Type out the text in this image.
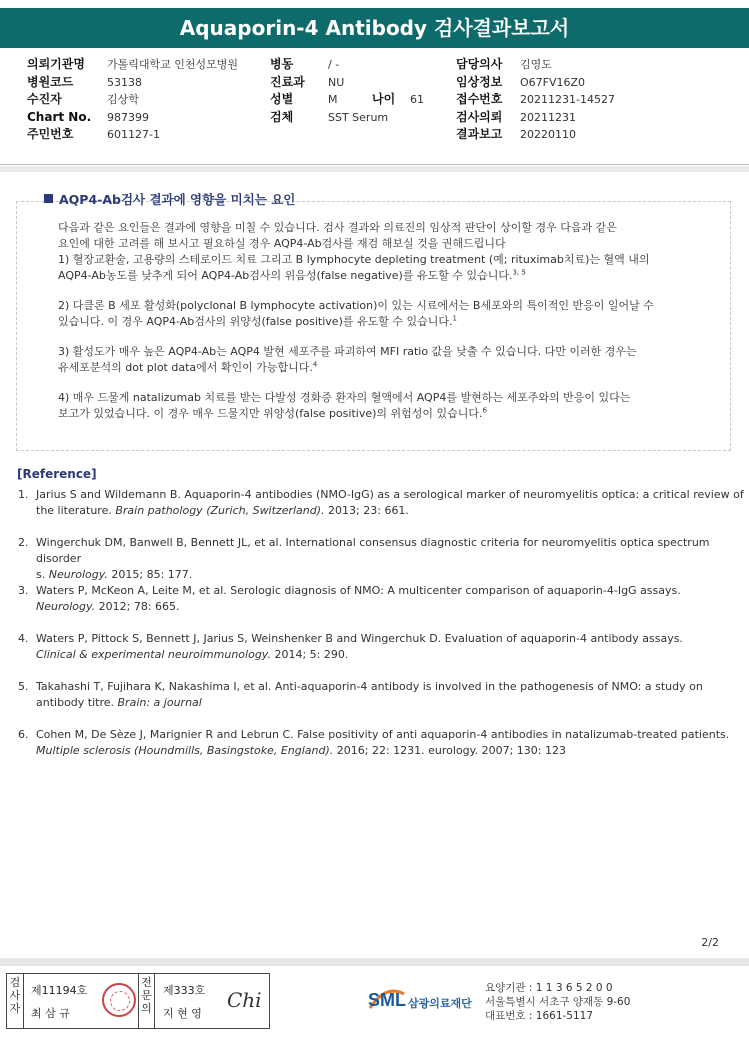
Aquaporin-4 Antibody 검사결과보고서
의뢰기관명 가톨릭대학교 인천성모병원
병원코드	53138
수진자	김상학
Chart No. 987399
주민번호	601127-1
병동	/ -
진료과 NU
성별	M	나이 61
검체	SST Serum
담당의사 김영도
임상정보 O67FV16Z0
접수번호 20211231-14527
검사의뢰 20211231
결과보고 20220110
AQP4-Ab검사 결과에 영향을 미치는 요인

다음과 같은 요인들은 결과에 영향을 미칠 수 있습니다. 검사 결과와 의료진의 임상적 판단이 상이할 경우 다음과 같은

요인에 대한 고려를 해 보시고 필요하실 경우 AQP4-Ab검사를 재검 해보실 것을 권해드립니다

1) 혈장교환술, 고용량의 스테로이드 치료 그리고 B lymphocyte depleting treatment (예; rituximab치료)는 혈액 내의

AQP4-Ab농도를 낮추게 되어 AQP4-Ab검사의 위음성(false negative)를 유도할 수 있습니다.$^{3, 5}$

2) 다클론 B 세포 활성화(polyclonal B lymphocyte activation)이 있는 시료에서는 B세포와의 특이적인 반응이 일어날 수

있습니다. 이 경우 AQP4-Ab검사의 위양성(false positive)를 유도할 수 있습니다.$^1$

3) 활성도가 매우 높은 AQP4-Ab는 AQP4 발현 세포주를 파괴하여 MFI ratio 값을 낮출 수 있습니다. 다만 이러한 경우는

유세포분석의 dot plot data에서 확인이 가능합니다.$^4$

4) 매우 드물게 natalizumab 치료를 받는 다발성 경화증 환자의 혈액에서 AQP4를 발현하는 세포주와의 반응이 있다는

보고가 있었습니다. 이 경우 매우 드물지만 위양성(false positive)의 위험성이 있습니다.$^6$

[Reference]
1. Jarius S and Wildemann B. Aquaporin-4 antibodies (NMO-IgG) as a serological marker of neuromyelitis optica: a critical review of
the literature. Brain pathology (Zurich, Switzerland). 2013; 23: 661.
2. Wingerchuk DM, Banwell B, Bennett JL, et al. International consensus diagnostic criteria for neuromyelitis optica spectrum disorder
s. Neurology. 2015; 85: 177.
3. Waters P, McKeon A, Leite M, et al. Serologic diagnosis of NMO: A multicenter comparison of aquaporin-4-IgG assays.
Neurology. 2012; 78: 665.
4. Waters P, Pittock S, Bennett J, Jarius S, Weinshenker B and Wingerchuk D. Evaluation of aquaporin-4 antibody assays.
Clinical & experimental neuroimmunology. 2014; 5: 290.
5. Takahashi T, Fujihara K, Nakashima I, et al. Anti-aquaporin-4 antibody is involved in the pathogenesis of NMO: a study on
antibody titre. Brain: a journal
6. Cohen M, De Sèze J, Marignier R and Lebrun C. False positivity of anti aquaporin-4 antibodies in natalizumab-treated patients.
Multiple sclerosis (Houndmills, Basingstoke, England). 2016; 22: 1231. eurology. 2007; 130: 123
2/2
검사자
제11194호
최 삼 규
전문의
제333호
지 현 영
Chi	SML 삼광의료재단
요양기관 : 1 1 3 6 5 2 0 0
서울특별시 서초구 양재동 9-60
대표번호 : 1661-5117
